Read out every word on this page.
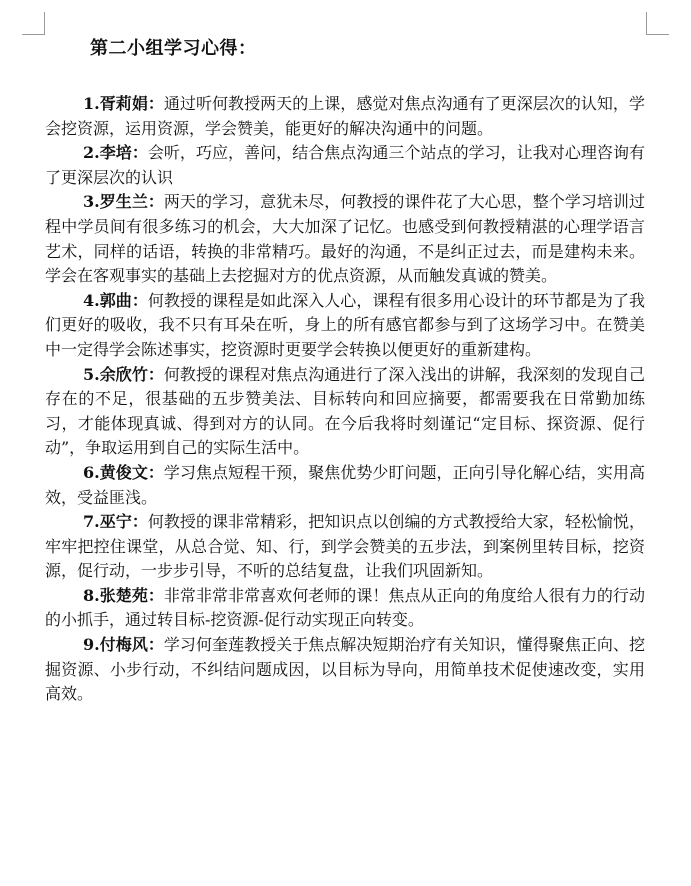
第二小组学习心得：

1.胥莉娟：通过听何教授两天的上课，感觉对焦点沟通有了更深层次的认知，学会挖资源，运用资源，学会赞美，能更好的解决沟通中的问题。

2.李培：会听，巧应，善问，结合焦点沟通三个站点的学习，让我对心理咨询有了更深层次的认识

3.罗生兰：两天的学习，意犹未尽，何教授的课件花了大心思，整个学习培训过程中学员间有很多练习的机会，大大加深了记忆。也感受到何教授精湛的心理学语言艺术，同样的话语，转换的非常精巧。最好的沟通，不是纠正过去，而是建构未来。学会在客观事实的基础上去挖掘对方的优点资源，从而触发真诚的赞美。

4.郭曲：何教授的课程是如此深入人心，课程有很多用心设计的环节都是为了我们更好的吸收，我不只有耳朵在听，身上的所有感官都参与到了这场学习中。在赞美中一定得学会陈述事实，挖资源时更要学会转换以便更好的重新建构。

5.余欣竹：何教授的课程对焦点沟通进行了深入浅出的讲解，我深刻的发现自己存在的不足，很基础的五步赞美法、目标转向和回应摘要，都需要我在日常勤加练习，才能体现真诚、得到对方的认同。在今后我将时刻谨记“定目标、探资源、促行动”，争取运用到自己的实际生活中。

6.黄俊文：学习焦点短程干预，聚焦优势少盯问题，正向引导化解心结，实用高效，受益匪浅。

7.巫宁：何教授的课非常精彩，把知识点以创编的方式教授给大家，轻松愉悦，牢牢把控住课堂，从总合觉、知、行，到学会赞美的五步法，到案例里转目标，挖资源，促行动，一步步引导，不听的总结复盘，让我们巩固新知。

8.张楚苑：非常非常非常喜欢何老师的课！焦点从正向的角度给人很有力的行动的小抓手，通过转目标-挖资源-促行动实现正向转变。

9.付梅风：学习何奎莲教授关于焦点解决短期治疗有关知识，懂得聚焦正向、挖掘资源、小步行动，不纠结问题成因，以目标为导向，用简单技术促使速改变，实用高效。
